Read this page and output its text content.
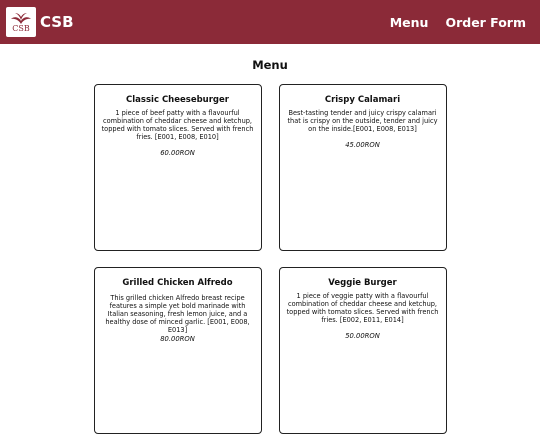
CSB CSB	Menu Order Form
Menu
Classic Cheeseburger
1 piece of beef patty with a flavourful combination of cheddar cheese and ketchup, topped with tomato slices. Served with french fries. [E001, E008, E010]
60.00RON
Crispy Calamari
Best-tasting tender and juicy crispy calamari that is crispy on the outside, tender and juicy on the inside.[E001, E008, E013]
45.00RON
Grilled Chicken Alfredo
This grilled chicken Alfredo breast recipe features a simple yet bold marinade with Italian seasoning, fresh lemon juice, and a healthy dose of minced garlic. [E001, E008, E013]
80.00RON
Veggie Burger
1 piece of veggie patty with a flavourful combination of cheddar cheese and ketchup, topped with tomato slices. Served with french fries. [E002, E011, E014]
50.00RON
